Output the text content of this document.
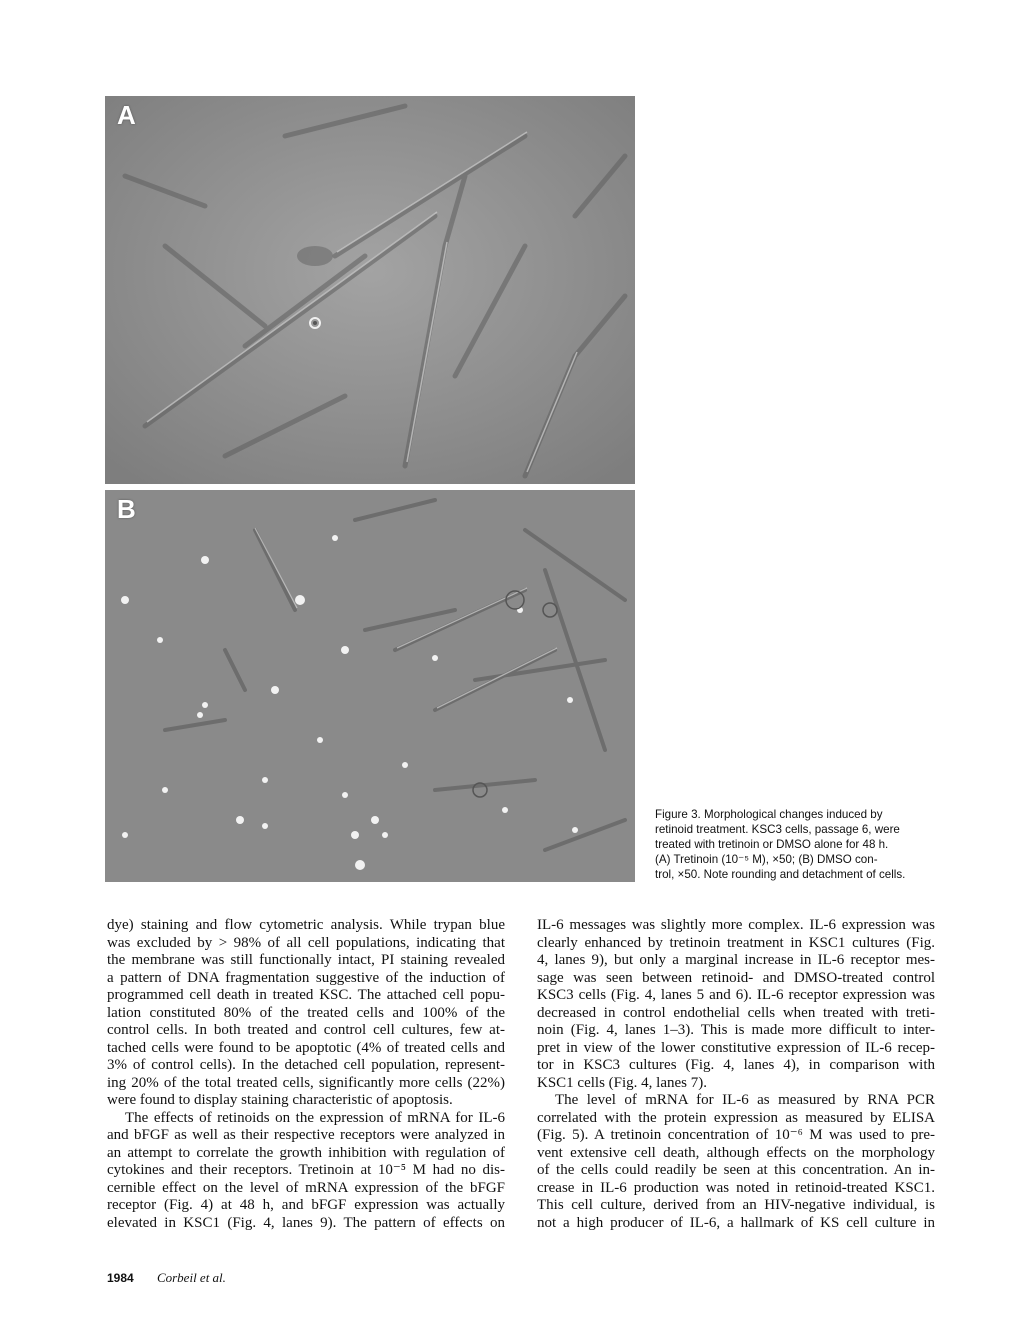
A
B
Figure 3. Morphological changes induced by
retinoid treatment. KSC3 cells, passage 6, were
treated with tretinoin or DMSO alone for 48 h.
(A) Tretinoin (10⁻⁵ M), ×50; (B) DMSO con-
trol, ×50. Note rounding and detachment of cells.
dye) staining and flow cytometric analysis. While trypan blue
was excluded by > 98% of all cell populations, indicating that
the membrane was still functionally intact, PI staining revealed
a pattern of DNA fragmentation suggestive of the induction of
programmed cell death in treated KSC. The attached cell popu-
lation constituted 80% of the treated cells and 100% of the
control cells. In both treated and control cell cultures, few at-
tached cells were found to be apoptotic (4% of treated cells and
3% of control cells). In the detached cell population, represent-
ing 20% of the total treated cells, significantly more cells (22%)
were found to display staining characteristic of apoptosis.
The effects of retinoids on the expression of mRNA for IL-6
and bFGF as well as their respective receptors were analyzed in
an attempt to correlate the growth inhibition with regulation of
cytokines and their receptors. Tretinoin at 10⁻⁵ M had no dis-
cernible effect on the level of mRNA expression of the bFGF
receptor (Fig. 4) at 48 h, and bFGF expression was actually
elevated in KSC1 (Fig. 4, lanes 9). The pattern of effects on
IL-6 messages was slightly more complex. IL-6 expression was
clearly enhanced by tretinoin treatment in KSC1 cultures (Fig.
4, lanes 9), but only a marginal increase in IL-6 receptor mes-
sage was seen between retinoid- and DMSO-treated control
KSC3 cells (Fig. 4, lanes 5 and 6). IL-6 receptor expression was
decreased in control endothelial cells when treated with treti-
noin (Fig. 4, lanes 1–3). This is made more difficult to inter-
pret in view of the lower constitutive expression of IL-6 recep-
tor in KSC3 cultures (Fig. 4, lanes 4), in comparison with
KSC1 cells (Fig. 4, lanes 7).
The level of mRNA for IL-6 as measured by RNA PCR
correlated with the protein expression as measured by ELISA
(Fig. 5). A tretinoin concentration of 10⁻⁶ M was used to pre-
vent extensive cell death, although effects on the morphology
of the cells could readily be seen at this concentration. An in-
crease in IL-6 production was noted in retinoid-treated KSC1.
This cell culture, derived from an HIV-negative individual, is
not a high producer of IL-6, a hallmark of KS cell culture in
1984 Corbeil et al.
